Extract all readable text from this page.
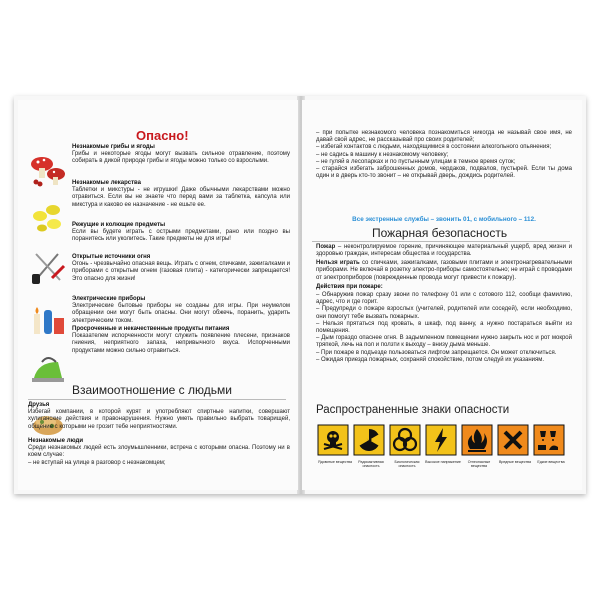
Опасно!
Незнакомые грибы и ягоды
Грибы и некоторые ягоды могут вызвать сильное отравление, поэтому собирать в дикой природе грибы и ягоды можно только со взрослыми.
Незнакомые лекарства
Таблетки и микстуры - не игрушки! Даже обычными лекарствами можно отравиться. Если вы не знаете что перед вами за таблетка, капсула или микстура и каково ее назначение - не ешьте ее.
Режущие и колющие предметы
Если вы будете играть с острыми предметами, рано или поздно вы поранитесь или уколитесь. Такие предметы не для игры!
Открытые источники огня
Огонь - чрезвычайно опасная вещь. Играть с огнем, спичками, зажигалками и приборами с открытым огнем (газовая плита) - категорически запрещается! Это опасно для жизни!
Электрические приборы
Электрические бытовые приборы не созданы для игры. При неумелом обращении они могут быть опасны. Они могут обжечь, поранить, ударить электрическим током.
Просроченные и некачественные продукты питания
Показателем испорченности могут служить появление плесени, признаков гниения, неприятного запаха, непривычного вкуса. Испорченными продуктами можно сильно отравиться.
Взаимоотношение с людьми
Друзья
Избегай компании, в которой курят и употребляют спиртные напитки, совершают хулиганские действия и правонарушения. Нужно уметь правильно выбрать товарищей, общение с которыми не грозит тебе неприятностями.
Незнакомые люди
Среди незнакомых людей есть злоумышленники, встреча с которыми опасна. Поэтому ни в коем случае:
– не вступай на улице в разговор с незнакомцем;
– при попытке незнакомого человека познакомиться никогда не называй свое имя, не давай свой адрес, не рассказывай про своих родителей;
– избегай контактов с людьми, находящимися в состоянии алкогольного опьянения;
– не садись в машину к незнакомому человеку;
– не гуляй в лесопарках и по пустынным улицам в темное время суток;
– старайся избегать заброшенных домов, чердаков, подвалов, пустырей. Если ты дома один и в дверь кто-то звонит – не открывай дверь, дождись родителей.
Все экстренные службы – звонить 01, с мобильного – 112.
Пожарная безопасность
Пожар – неконтролируемое горение, причиняющее материальный ущерб, вред жизни и здоровью граждан, интересам общества и государства.
Нельзя играть со спичками, зажигалками, газовыми плитами и электронагревательными приборами. Не включай в розетку электро-приборы самостоятельно; не играй с проводами от электроприборов (поврежденные провода могут привести к пожару).
Действия при пожаре:
– Обнаружив пожар сразу звони по телефону 01 или с сотового 112, сообщи фамилию, адрес, что и где горит.
– Предупреди о пожаре взрослых (учителей, родителей или соседей), если необходимо, они помогут тебе вызвать пожарных.
– Нельзя прятаться под кровать, в шкаф, под ванну, а нужно постараться выйти из помещения.
– Дым гораздо опаснее огня. В задымленном помещении нужно закрыть нос и рот мокрой тряпкой, лечь на пол и ползти к выходу – внизу дыма меньше.
– При пожаре в подъезде пользоваться лифтом запрещается. Он может отключиться.
– Ожидая приезда пожарных, сохраняй спокойствие, потом следуй их указаниям.
Распространенные знаки опасности
Ядовитые вещества	Радиоактивная опасность
Биологическая опасность
Высокое напряжение	Огнеопасные вещества
Вредные вещества	Едкие вещества
